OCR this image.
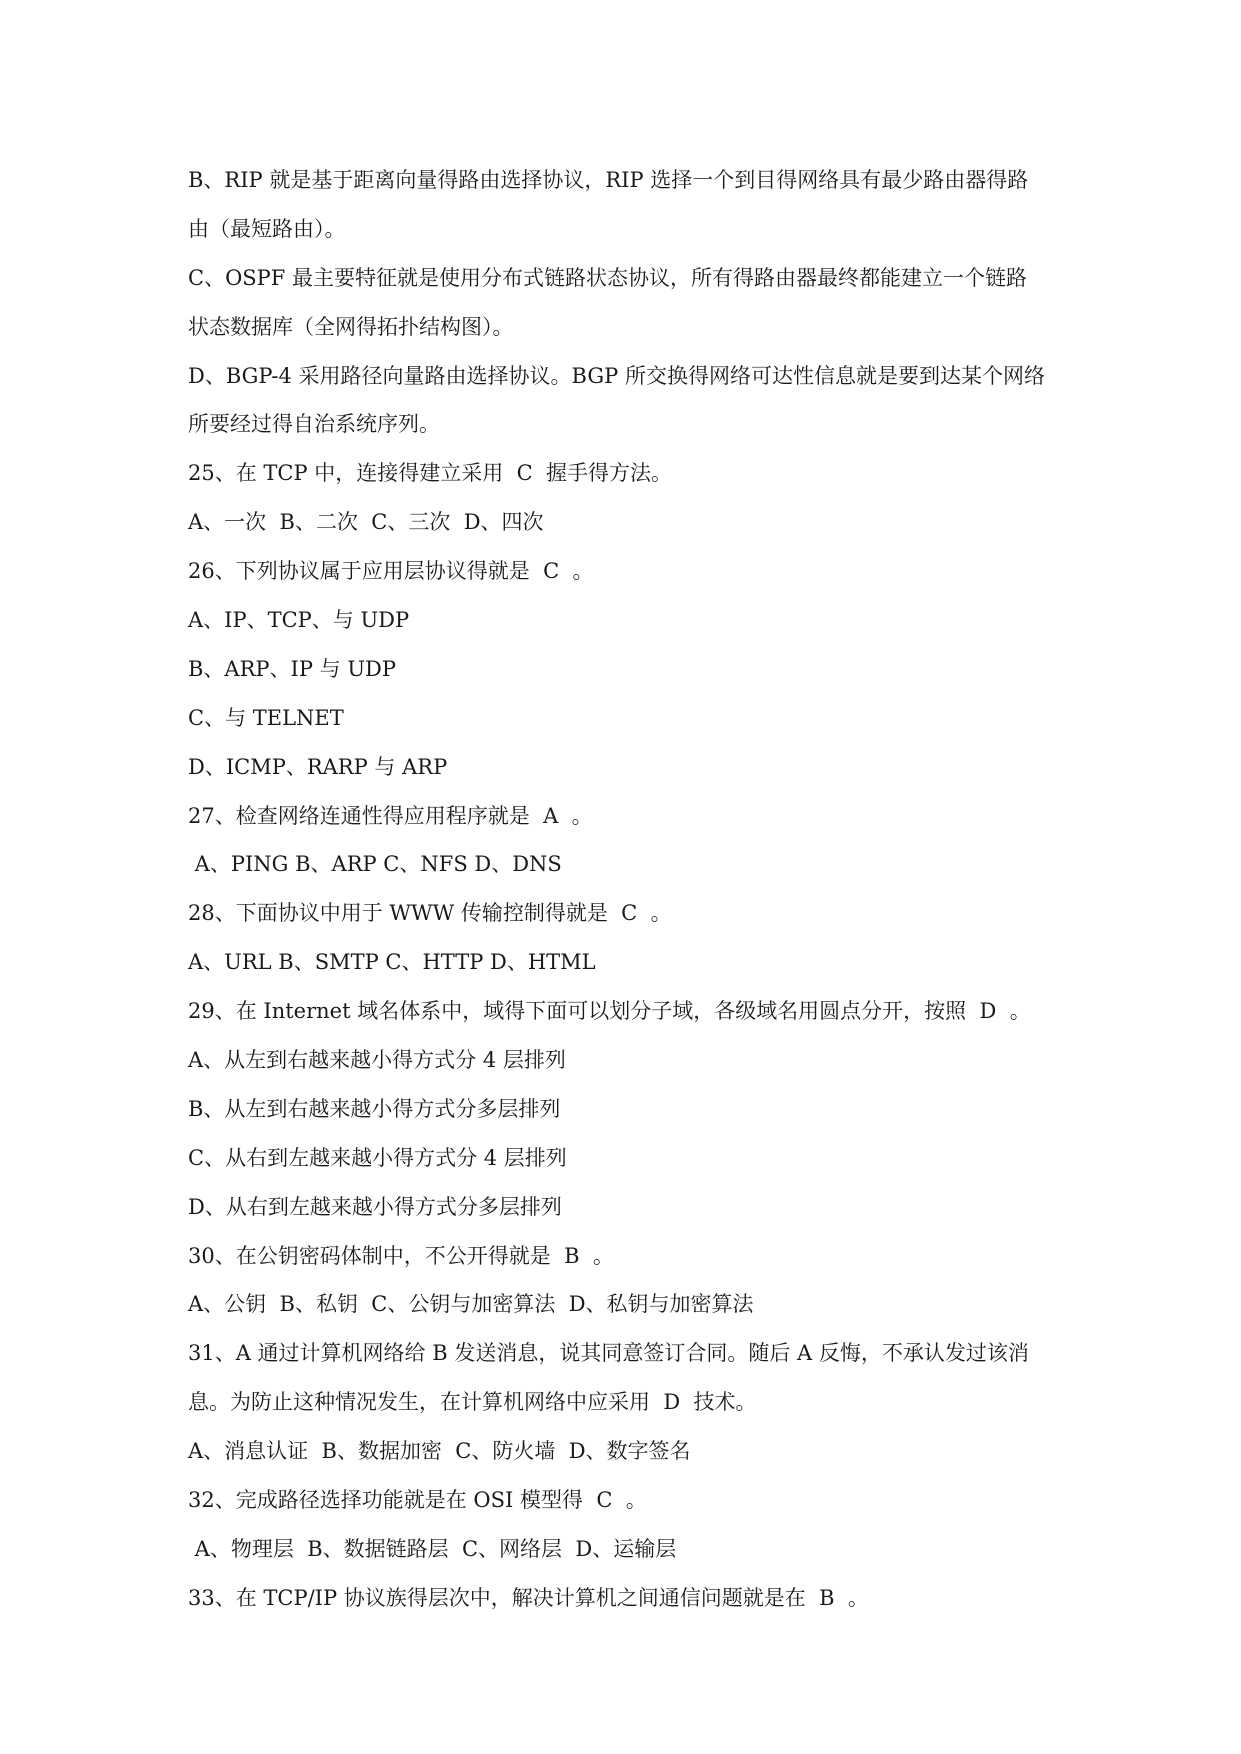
B、RIP 就是基于距离向量得路由选择协议，RIP 选择一个到目得网络具有最少路由器得路

由（最短路由）。

C、OSPF 最主要特征就是使用分布式链路状态协议，所有得路由器最终都能建立一个链路

状态数据库（全网得拓扑结构图）。

D、BGP-4 采用路径向量路由选择协议。BGP 所交换得网络可达性信息就是要到达某个网络

所要经过得自治系统序列。

25、在 TCP 中，连接得建立采用  C  握手得方法。

A、一次  B、二次  C、三次  D、四次

26、下列协议属于应用层协议得就是  C  。

A、IP、TCP、与 UDP

B、ARP、IP 与 UDP

C、与 TELNET

D、ICMP、RARP 与 ARP

27、检查网络连通性得应用程序就是  A  。

A、PING B、ARP C、NFS D、DNS

28、下面协议中用于 WWW 传输控制得就是  C  。

A、URL B、SMTP C、HTTP D、HTML

29、在 Internet 域名体系中，域得下面可以划分子域，各级域名用圆点分开，按照  D  。

A、从左到右越来越小得方式分 4 层排列

B、从左到右越来越小得方式分多层排列

C、从右到左越来越小得方式分 4 层排列

D、从右到左越来越小得方式分多层排列

30、在公钥密码体制中，不公开得就是  B  。

A、公钥  B、私钥  C、公钥与加密算法  D、私钥与加密算法

31、A 通过计算机网络给 B 发送消息，说其同意签订合同。随后 A 反悔，不承认发过该消

息。为防止这种情况发生，在计算机网络中应采用  D  技术。

A、消息认证  B、数据加密  C、防火墙  D、数字签名

32、完成路径选择功能就是在 OSI 模型得  C  。

A、物理层  B、数据链路层  C、网络层  D、运输层

33、在 TCP/IP 协议族得层次中，解决计算机之间通信问题就是在  B  。
